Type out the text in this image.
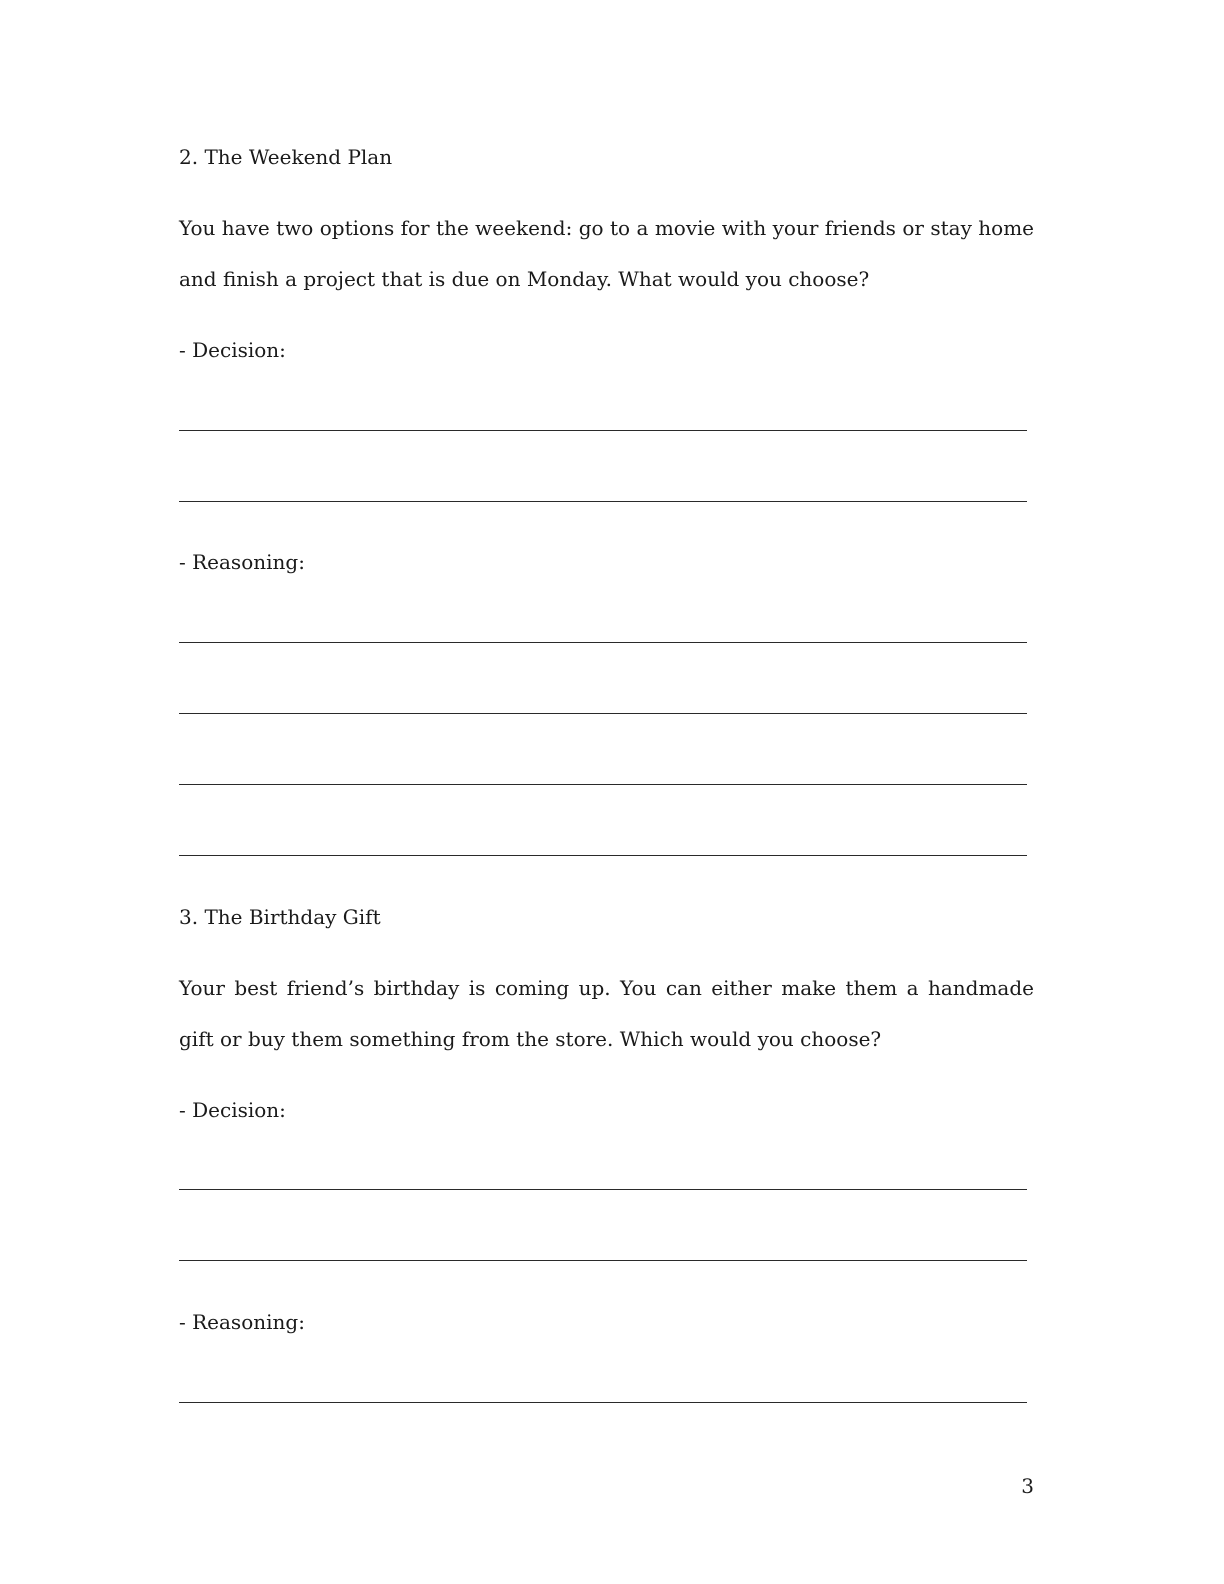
2. The Weekend Plan
You have two options for the weekend: go to a movie with your friends or stay home and finish a project that is due on Monday. What would you choose?
- Decision:
- Reasoning:
3. The Birthday Gift
Your best friend’s birthday is coming up. You can either make them a handmade gift or buy them something from the store. Which would you choose?
- Decision:
- Reasoning:
3
